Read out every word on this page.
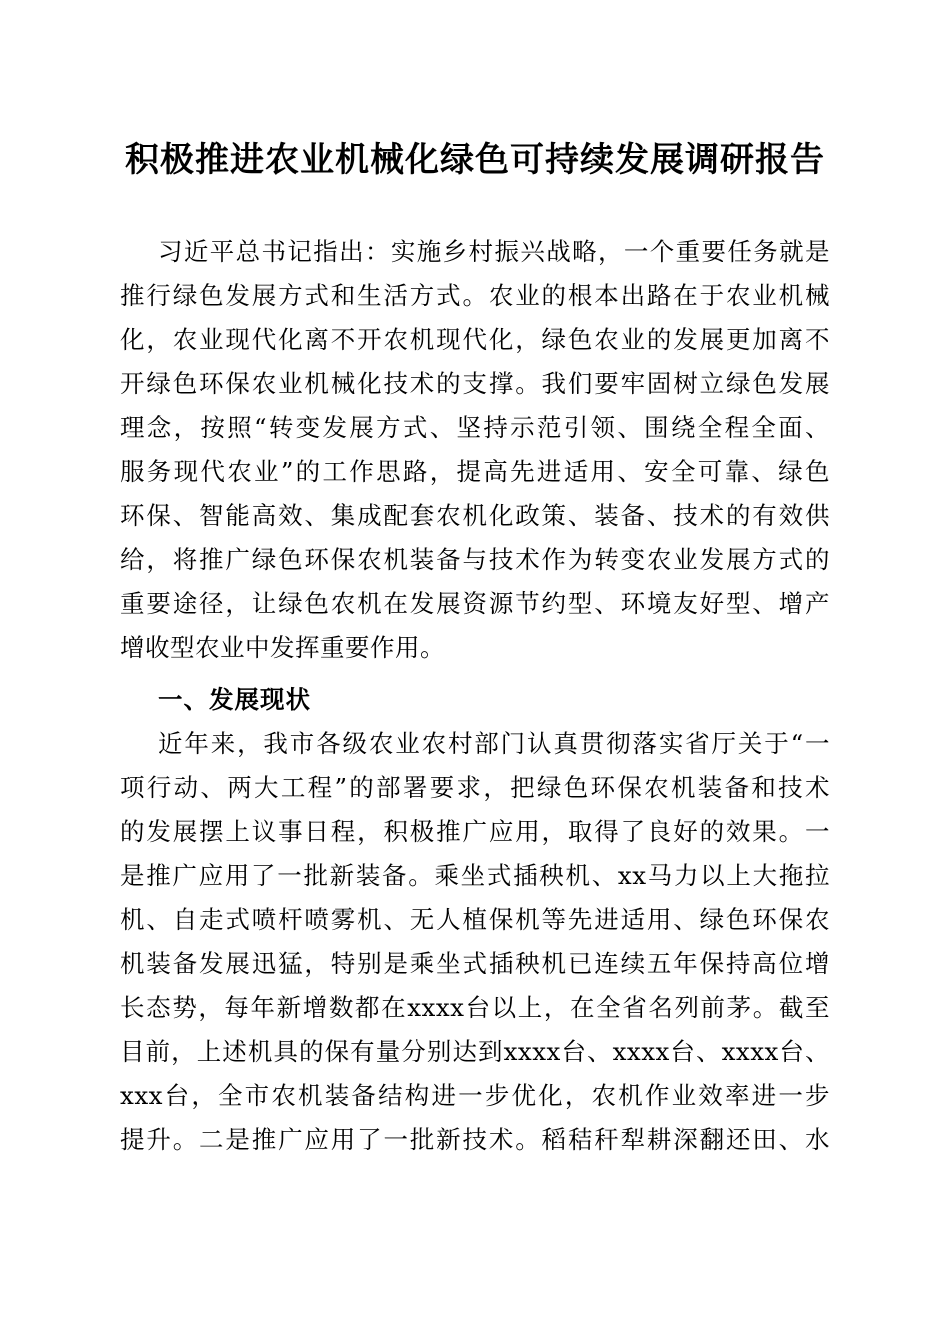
积极推进农业机械化绿色可持续发展调研报告
习近平总书记指出：实施乡村振兴战略，一个重要任务就是
推行绿色发展方式和生活方式。农业的根本出路在于农业机械
化，农业现代化离不开农机现代化，绿色农业的发展更加离不
开绿色环保农业机械化技术的支撑。我们要牢固树立绿色发展
理念，按照“转变发展方式、坚持示范引领、围绕全程全面、
服务现代农业”的工作思路，提高先进适用、安全可靠、绿色
环保、智能高效、集成配套农机化政策、装备、技术的有效供
给，将推广绿色环保农机装备与技术作为转变农业发展方式的
重要途径，让绿色农机在发展资源节约型、环境友好型、增产
增收型农业中发挥重要作用。
一、发展现状
近年来，我市各级农业农村部门认真贯彻落实省厅关于“一
项行动、两大工程”的部署要求，把绿色环保农机装备和技术
的发展摆上议事日程，积极推广应用，取得了良好的效果。一
是推广应用了一批新装备。乘坐式插秧机、xx马力以上大拖拉
机、自走式喷杆喷雾机、无人植保机等先进适用、绿色环保农
机装备发展迅猛，特别是乘坐式插秧机已连续五年保持高位增
长态势，每年新增数都在xxxx台以上，在全省名列前茅。截至
目前，上述机具的保有量分别达到xxxx台、xxxx台、xxxx台、
xxx台，全市农机装备结构进一步优化，农机作业效率进一步
提升。二是推广应用了一批新技术。稻秸秆犁耕深翻还田、水
